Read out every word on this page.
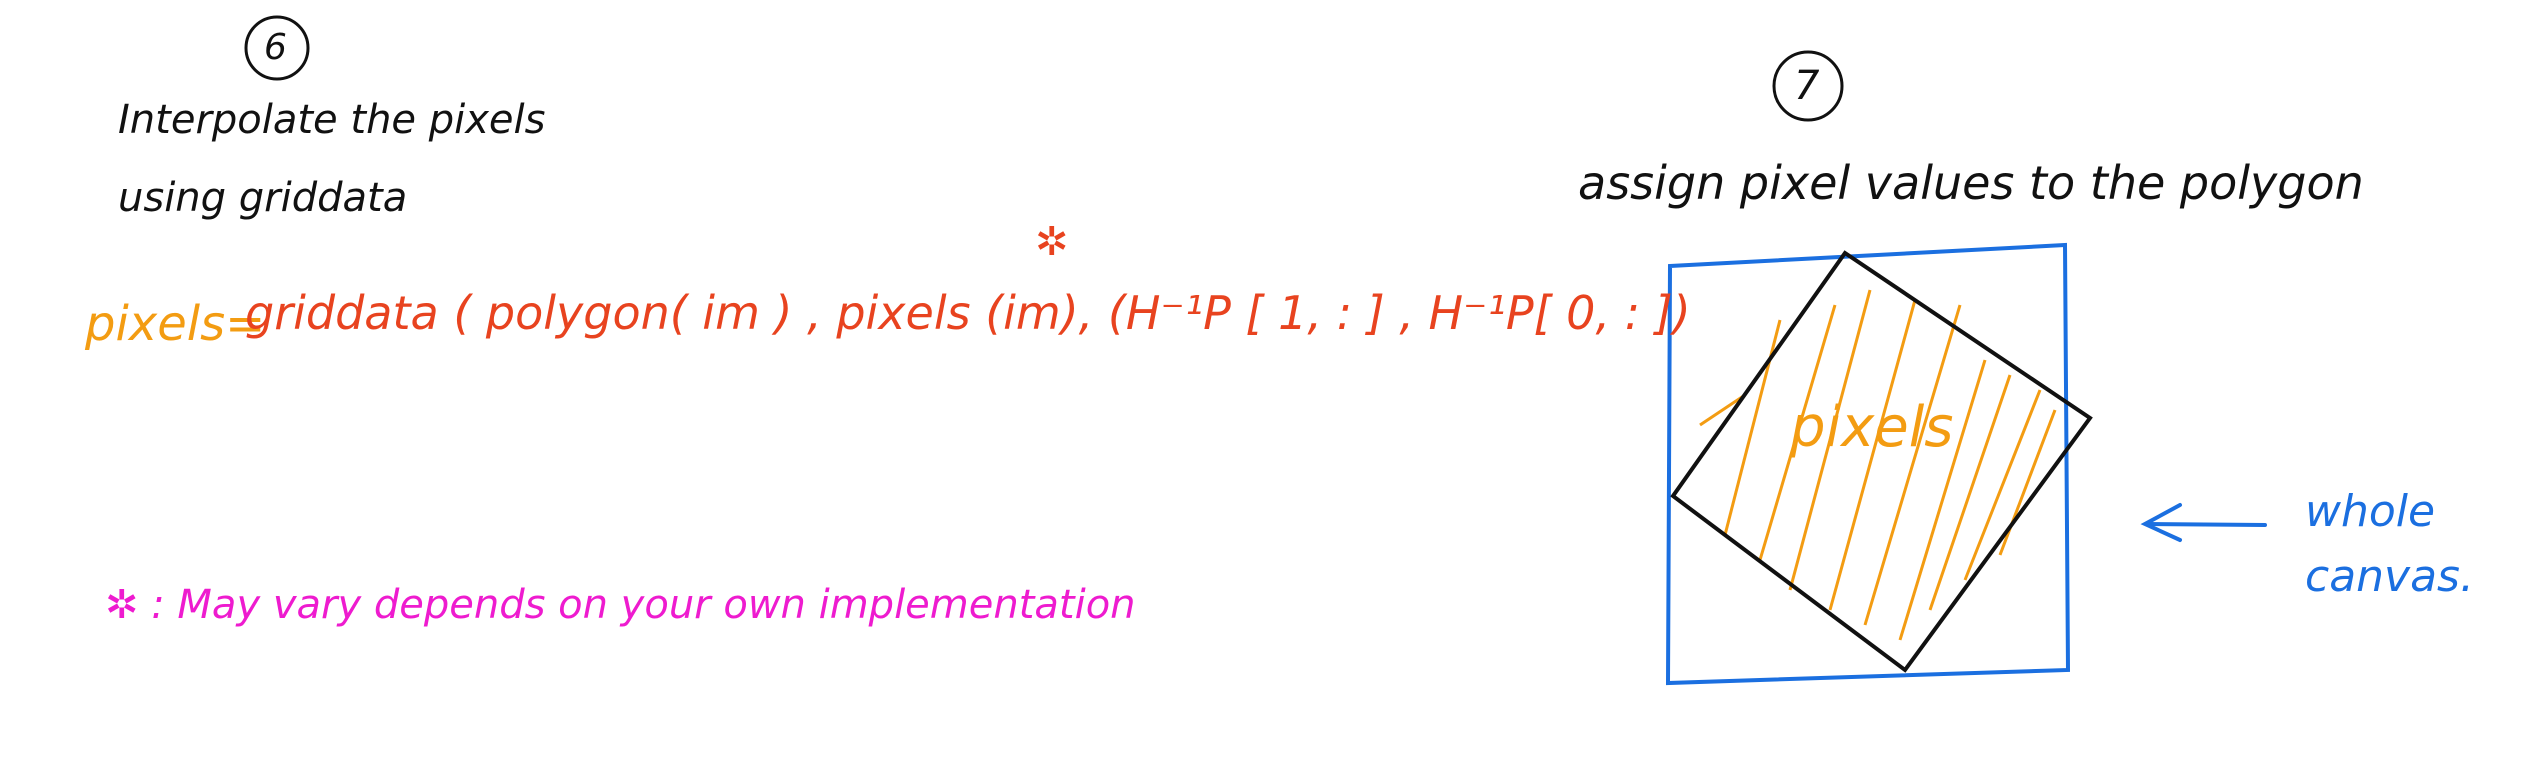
6
Interpolate the pixels
using griddata
pixels=
griddata ( polygon( im ) , pixels (im), (H⁻¹P [ 1, : ] , H⁻¹P[ 0, : ])
✲
✲ : May vary depends on your own implementation
7
assign pixel values to the polygon
pixels
whole
canvas.
